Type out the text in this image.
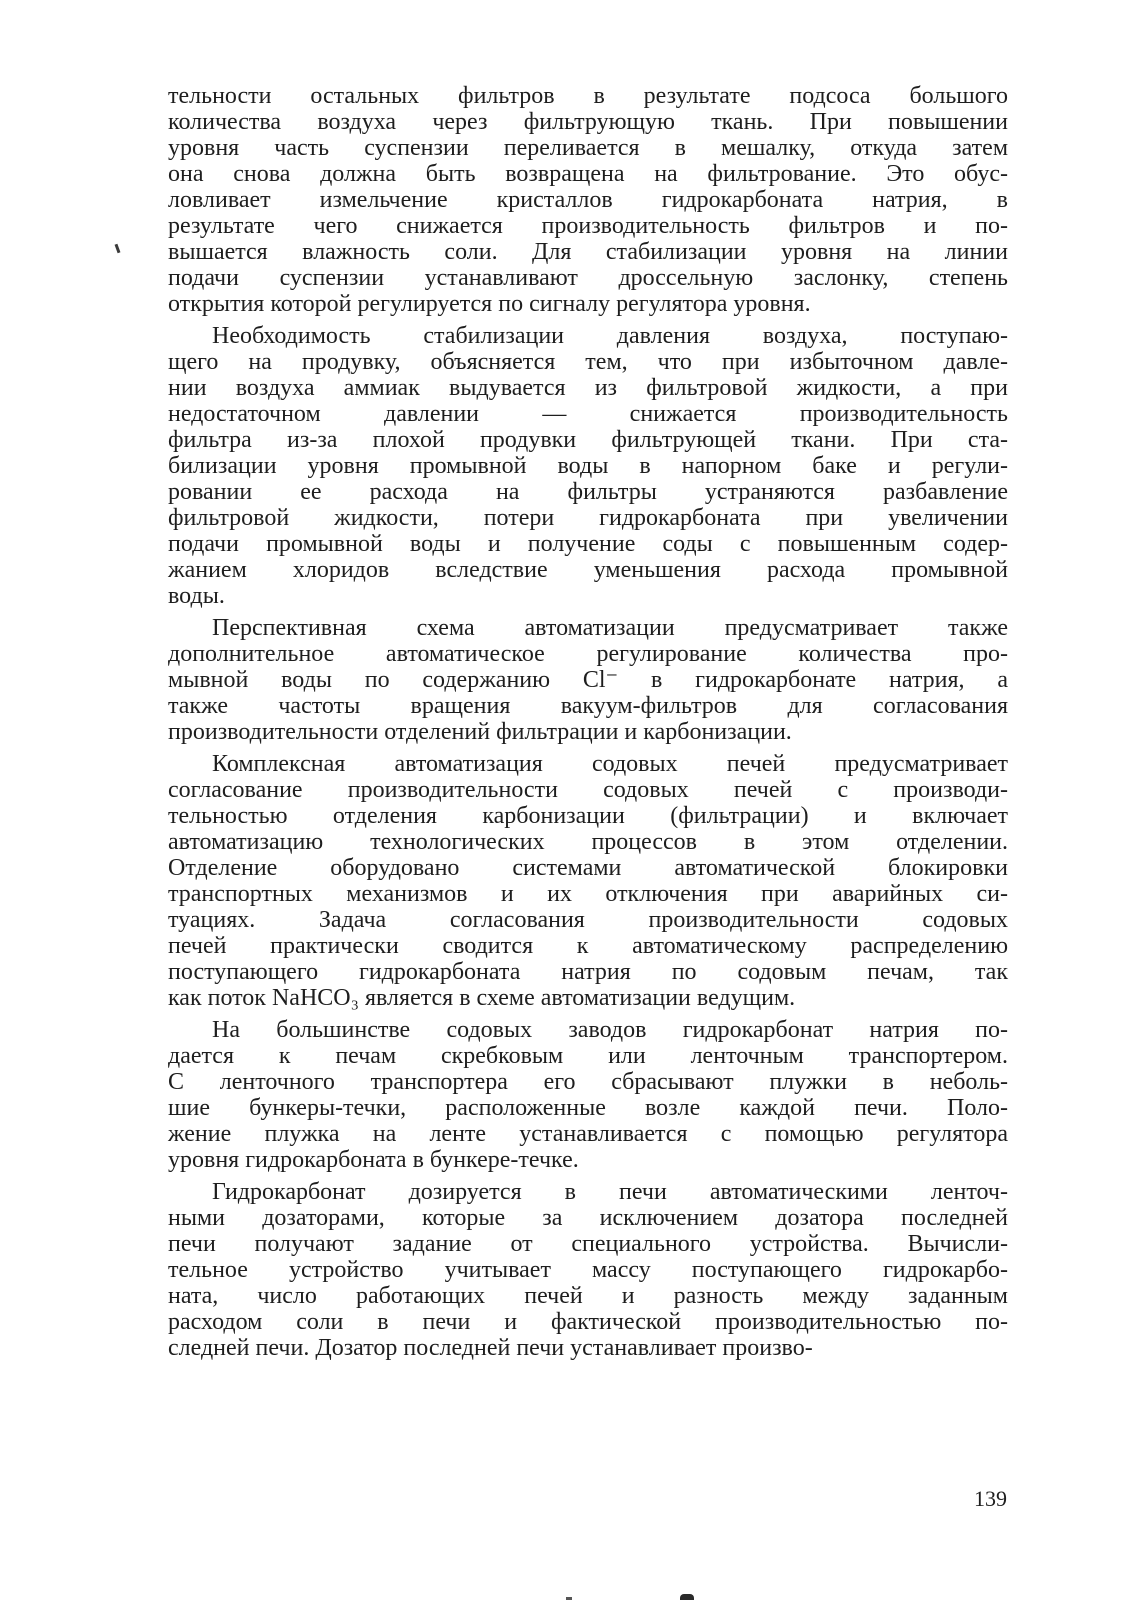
тельности остальных фильтров в результате подсоса большого
количества воздуха через фильтрующую ткань. При повышении
уровня часть суспензии переливается в мешалку, откуда затем
она снова должна быть возвращена на фильтрование. Это обус-
ловливает измельчение кристаллов гидрокарбоната натрия, в
результате чего снижается производительность фильтров и по-
вышается влажность соли. Для стабилизации уровня на линии
подачи суспензии устанавливают дроссельную заслонку, степень
открытия которой регулируется по сигналу регулятора уровня.
Необходимость стабилизации давления воздуха, поступаю-
щего на продувку, объясняется тем, что при избыточном давле-
нии воздуха аммиак выдувается из фильтровой жидкости, а при
недостаточном давлении — снижается производительность
фильтра из-за плохой продувки фильтрующей ткани. При ста-
билизации уровня промывной воды в напорном баке и регули-
ровании ее расхода на фильтры устраняются разбавление
фильтровой жидкости, потери гидрокарбоната при увеличении
подачи промывной воды и получение соды с повышенным содер-
жанием хлоридов вследствие уменьшения расхода промывной
воды.
Перспективная схема автоматизации предусматривает также
дополнительное автоматическое регулирование количества про-
мывной воды по содержанию Cl⁻ в гидрокарбонате натрия, а
также частоты вращения вакуум-фильтров для согласования
производительности отделений фильтрации и карбонизации.
Комплексная автоматизация содовых печей предусматривает
согласование производительности содовых печей с производи-
тельностью отделения карбонизации (фильтрации) и включает
автоматизацию технологических процессов в этом отделении.
Отделение оборудовано системами автоматической блокировки
транспортных механизмов и их отключения при аварийных си-
туациях. Задача согласования производительности содовых
печей практически сводится к автоматическому распределению
поступающего гидрокарбоната натрия по содовым печам, так
как поток NaHCO₃ является в схеме автоматизации ведущим.
На большинстве содовых заводов гидрокарбонат натрия по-
дается к печам скребковым или ленточным транспортером.
С ленточного транспортера его сбрасывают плужки в неболь-
шие бункеры-течки, расположенные возле каждой печи. Поло-
жение плужка на ленте устанавливается с помощью регулятора
уровня гидрокарбоната в бункере-течке.
Гидрокарбонат дозируется в печи автоматическими ленточ-
ными дозаторами, которые за исключением дозатора последней
печи получают задание от специального устройства. Вычисли-
тельное устройство учитывает массу поступающего гидрокарбо-
ната, число работающих печей и разность между заданным
расходом соли в печи и фактической производительностью по-
следней печи. Дозатор последней печи устанавливает произво-
139
